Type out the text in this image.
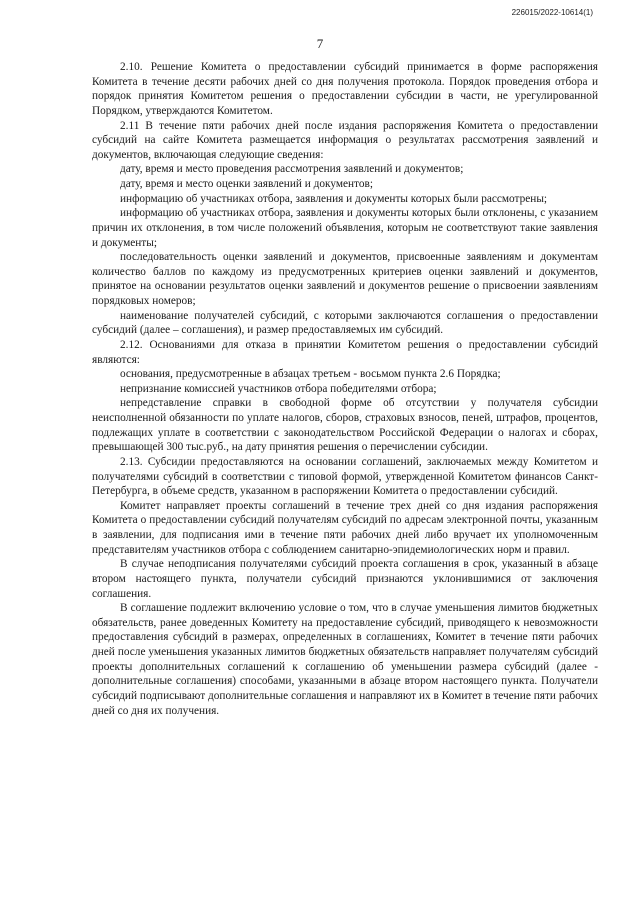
226015/2022-10614(1)
7

2.10. Решение Комитета о предоставлении субсидий принимается в форме распоряжения Комитета в течение десяти рабочих дней со дня получения протокола. Порядок проведения отбора и порядок принятия Комитетом решения о предоставлении субсидии в части, не урегулированной Порядком, утверждаются Комитетом.

2.11 В течение пяти рабочих дней после издания распоряжения Комитета о предоставлении субсидий на сайте Комитета размещается информация о результатах рассмотрения заявлений и документов, включающая следующие сведения:

дату, время и место проведения рассмотрения заявлений и документов;

дату, время и место оценки заявлений и документов;

информацию об участниках отбора, заявления и документы которых были рассмотрены;

информацию об участниках отбора, заявления и документы которых были отклонены, с указанием причин их отклонения, в том числе положений объявления, которым не соответствуют такие заявления и документы;

последовательность оценки заявлений и документов, присвоенные заявлениям и документам количество баллов по каждому из предусмотренных критериев оценки заявлений и документов, принятое на основании результатов оценки заявлений и документов решение о присвоении заявлениям порядковых номеров;

наименование получателей субсидий, с которыми заключаются соглашения о предоставлении субсидий (далее – соглашения), и размер предоставляемых им субсидий.

2.12. Основаниями для отказа в принятии Комитетом решения о предоставлении субсидий являются:

основания, предусмотренные в абзацах третьем - восьмом пункта 2.6 Порядка;

непризнание комиссией участников отбора победителями отбора;

непредставление справки в свободной форме об отсутствии у получателя субсидии неисполненной обязанности по уплате налогов, сборов, страховых взносов, пеней, штрафов, процентов, подлежащих уплате в соответствии с законодательством Российской Федерации о налогах и сборах, превышающей 300 тыс.руб., на дату принятия решения о перечислении субсидии.

2.13. Субсидии предоставляются на основании соглашений, заключаемых между Комитетом и получателями субсидий в соответствии с типовой формой, утвержденной Комитетом финансов Санкт-Петербурга, в объеме средств, указанном в распоряжении Комитета о предоставлении субсидий.

Комитет направляет проекты соглашений в течение трех дней со дня издания распоряжения Комитета о предоставлении субсидий получателям субсидий по адресам электронной почты, указанным в заявлении, для подписания ими в течение пяти рабочих дней либо вручает их уполномоченным представителям участников отбора с соблюдением санитарно-эпидемиологических норм и правил.

В случае неподписания получателями субсидий проекта соглашения в срок, указанный в абзаце втором настоящего пункта, получатели субсидий признаются уклонившимися от заключения соглашения.

В соглашение подлежит включению условие о том, что в случае уменьшения лимитов бюджетных обязательств, ранее доведенных Комитету на предоставление субсидий, приводящего к невозможности предоставления субсидий в размерах, определенных в соглашениях, Комитет в течение пяти рабочих дней после уменьшения указанных лимитов бюджетных обязательств направляет получателям субсидий проекты дополнительных соглашений к соглашению об уменьшении размера субсидий (далее - дополнительные соглашения) способами, указанными в абзаце втором настоящего пункта. Получатели субсидий подписывают дополнительные соглашения и направляют их в Комитет в течение пяти рабочих дней со дня их получения.
